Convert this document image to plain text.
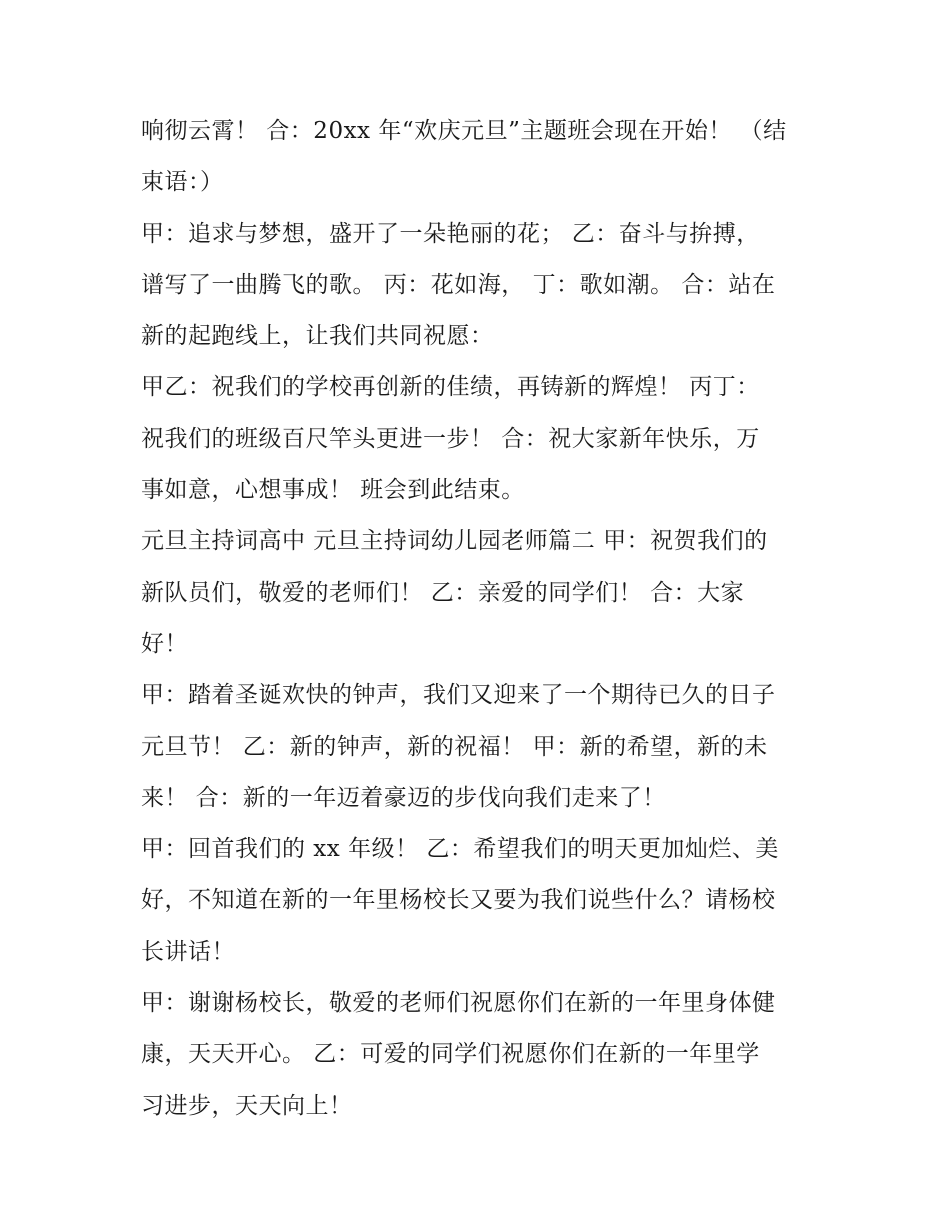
响彻云霄！ 合：20xx 年“欢庆元旦”主题班会现在开始！ （结
束语：）
甲：追求与梦想，盛开了一朵艳丽的花； 乙：奋斗与拚搏，
谱写了一曲腾飞的歌。 丙：花如海， 丁：歌如潮。 合：站在
新的起跑线上，让我们共同祝愿：
甲乙：祝我们的学校再创新的佳绩，再铸新的辉煌！ 丙丁：
祝我们的班级百尺竿头更进一步！ 合：祝大家新年快乐，万
事如意，心想事成！ 班会到此结束。
元旦主持词高中 元旦主持词幼儿园老师篇二 甲：祝贺我们的
新队员们，敬爱的老师们！ 乙：亲爱的同学们！ 合：大家
好！
甲：踏着圣诞欢快的钟声，我们又迎来了一个期待已久的日子
元旦节！ 乙：新的钟声，新的祝福！ 甲：新的希望，新的未
来！ 合：新的一年迈着豪迈的步伐向我们走来了！
甲：回首我们的 xx 年级！ 乙：希望我们的明天更加灿烂、美
好，不知道在新的一年里杨校长又要为我们说些什么？请杨校
长讲话！
甲：谢谢杨校长，敬爱的老师们祝愿你们在新的一年里身体健
康，天天开心。 乙：可爱的同学们祝愿你们在新的一年里学
习进步，天天向上！
